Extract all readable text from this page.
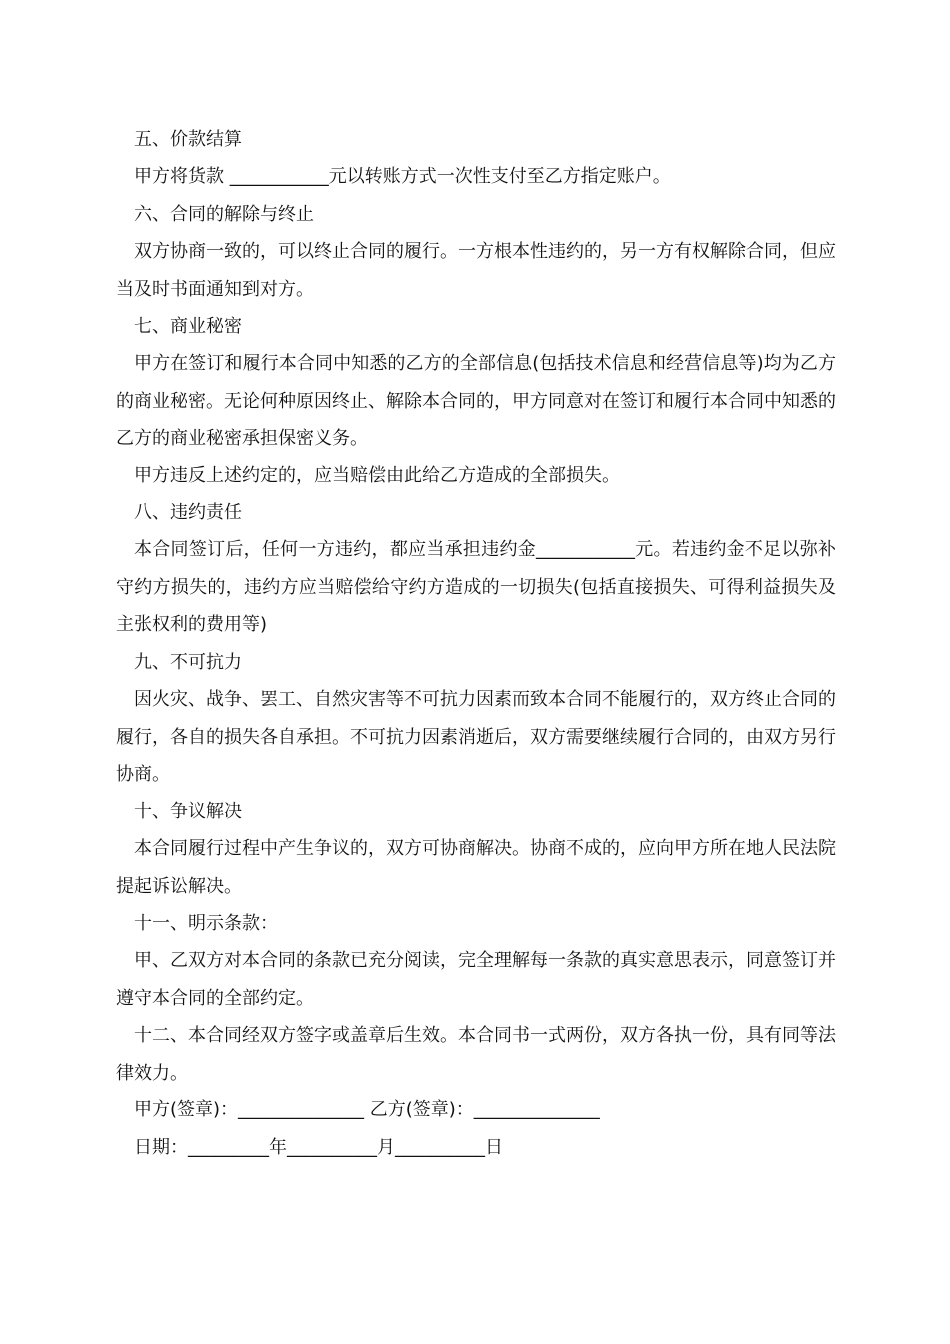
五、价款结算

甲方将货款 ___________元以转账方式一次性支付至乙方指定账户。

六、合同的解除与终止

双方协商一致的，可以终止合同的履行。一方根本性违约的，另一方有权解除合同，但应当及时书面通知到对方。

七、商业秘密

甲方在签订和履行本合同中知悉的乙方的全部信息(包括技术信息和经营信息等)均为乙方的商业秘密。无论何种原因终止、解除本合同的，甲方同意对在签订和履行本合同中知悉的乙方的商业秘密承担保密义务。

甲方违反上述约定的，应当赔偿由此给乙方造成的全部损失。

八、违约责任

本合同签订后，任何一方违约，都应当承担违约金___________元。若违约金不足以弥补守约方损失的，违约方应当赔偿给守约方造成的一切损失(包括直接损失、可得利益损失及主张权利的费用等)

九、不可抗力

因火灾、战争、罢工、自然灾害等不可抗力因素而致本合同不能履行的，双方终止合同的履行，各自的损失各自承担。不可抗力因素消逝后，双方需要继续履行合同的，由双方另行协商。

十、争议解决

本合同履行过程中产生争议的，双方可协商解决。协商不成的，应向甲方所在地人民法院提起诉讼解决。

十一、明示条款：

甲、乙双方对本合同的条款已充分阅读，完全理解每一条款的真实意思表示，同意签订并遵守本合同的全部约定。

十二、本合同经双方签字或盖章后生效。本合同书一式两份，双方各执一份，具有同等法律效力。

甲方(签章)：______________ 乙方(签章)：______________

日期：_________年__________月__________日
